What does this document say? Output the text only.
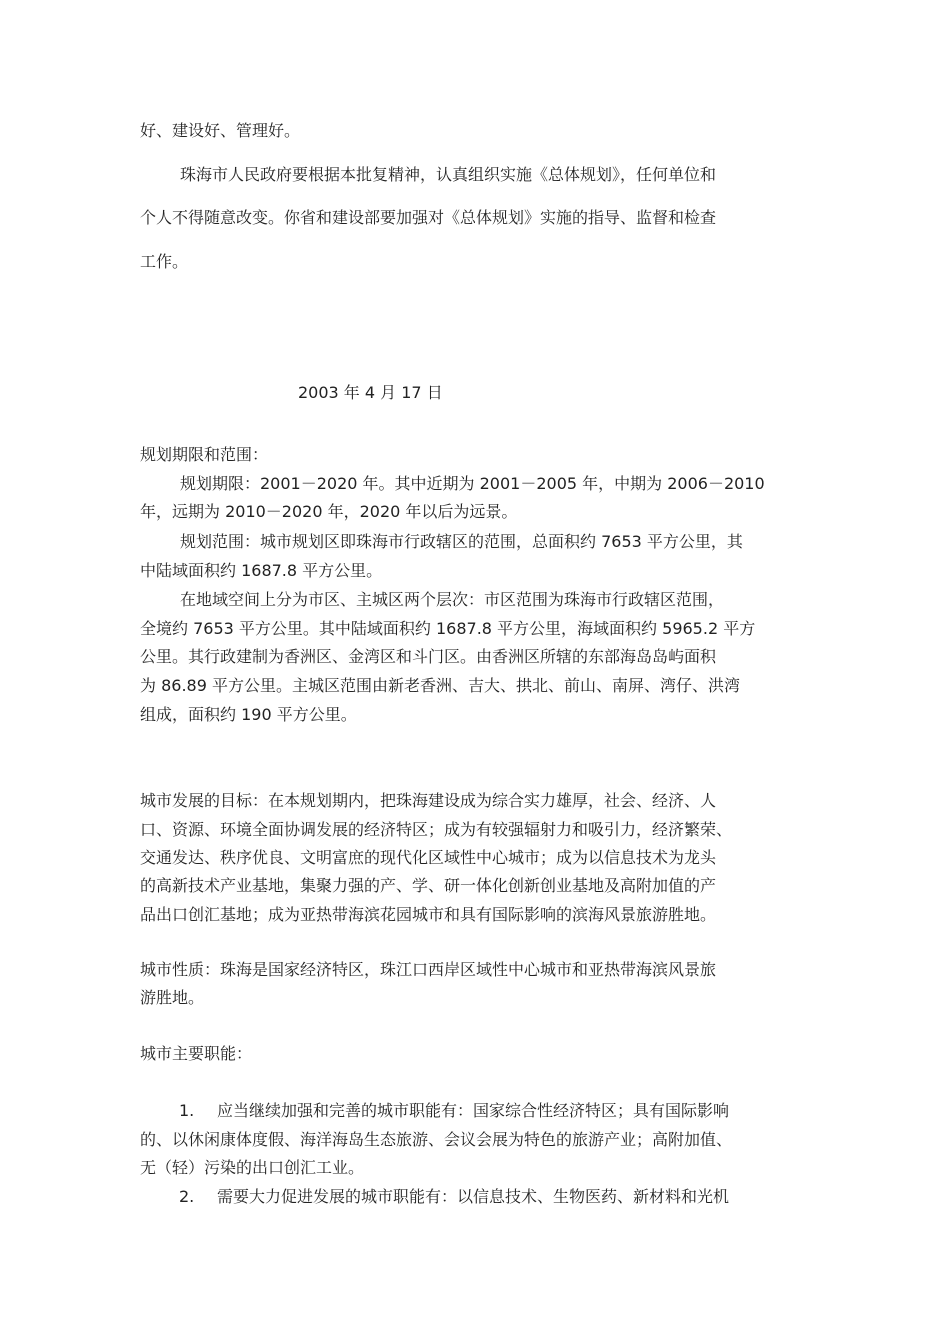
好、建设好、管理好。
珠海市人民政府要根据本批复精神，认真组织实施《总体规划》，任何单位和
个人不得随意改变。你省和建设部要加强对《总体规划》实施的指导、监督和检查
工作。
2003 年 4 月 17 日
规划期限和范围：
规划期限：2001－2020 年。其中近期为 2001－2005 年，中期为 2006－2010
年，远期为 2010－2020 年，2020 年以后为远景。
规划范围：城市规划区即珠海市行政辖区的范围，总面积约 7653 平方公里，其
中陆域面积约 1687.8 平方公里。
在地域空间上分为市区、主城区两个层次：市区范围为珠海市行政辖区范围，
全境约 7653 平方公里。其中陆域面积约 1687.8 平方公里，海域面积约 5965.2 平方
公里。其行政建制为香洲区、金湾区和斗门区。由香洲区所辖的东部海岛岛屿面积
为 86.89 平方公里。主城区范围由新老香洲、吉大、拱北、前山、南屏、湾仔、洪湾
组成，面积约 190 平方公里。
城市发展的目标：在本规划期内，把珠海建设成为综合实力雄厚，社会、经济、人
口、资源、环境全面协调发展的经济特区；成为有较强辐射力和吸引力，经济繁荣、
交通发达、秩序优良、文明富庶的现代化区域性中心城市；成为以信息技术为龙头
的高新技术产业基地，集聚力强的产、学、研一体化创新创业基地及高附加值的产
品出口创汇基地；成为亚热带海滨花园城市和具有国际影响的滨海风景旅游胜地。
城市性质：珠海是国家经济特区，珠江口西岸区域性中心城市和亚热带海滨风景旅
游胜地。
城市主要职能：
1. 应当继续加强和完善的城市职能有：国家综合性经济特区；具有国际影响
的、以休闲康体度假、海洋海岛生态旅游、会议会展为特色的旅游产业；高附加值、
无（轻）污染的出口创汇工业。
2. 需要大力促进发展的城市职能有：以信息技术、生物医药、新材料和光机
